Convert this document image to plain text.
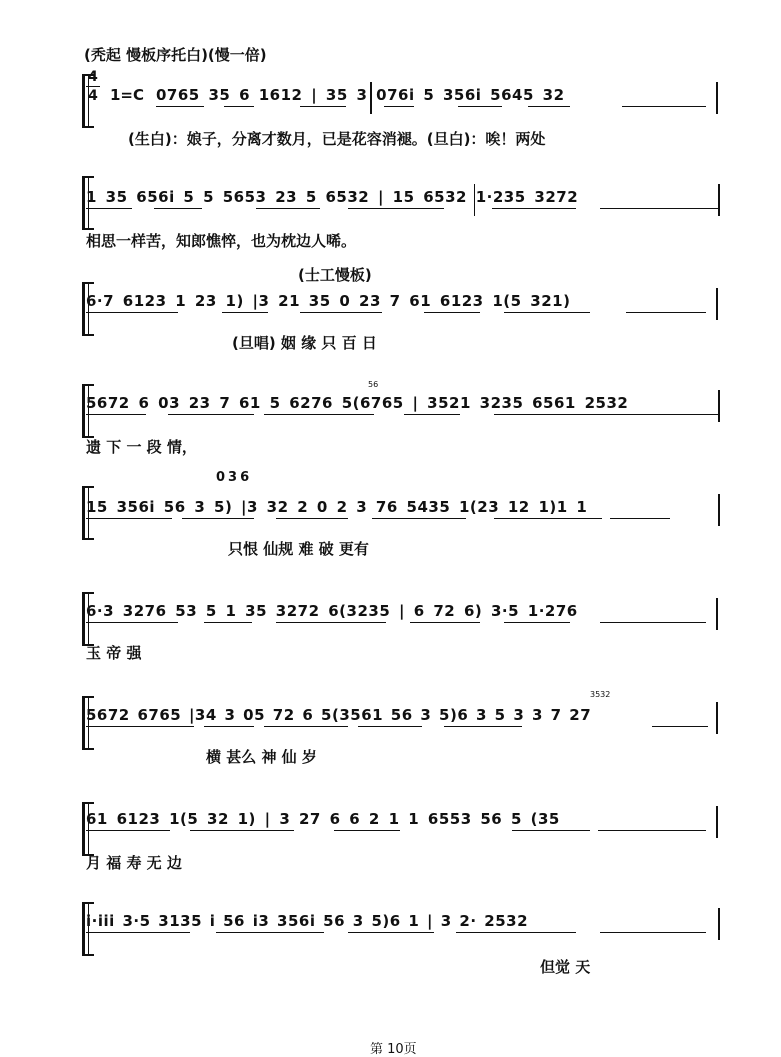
(秃起 慢板序托白)(慢一倍)
4
4 1=C 0765 35 6 1612 | 35 3 076i 5 356i 5645 32
(生白)：娘子，分离才数月，已是花容消褪。(旦白)：唉！两处
1 35 656i 5 5 5653 23 5 6532 | 15 6532 1·235 3272
相思一样苦，知郎憔悴，也为枕边人唏。
(士工慢板)
6·7 6123 1 23 1) |3 21 35 0 23 7 61 6123 1(5 321)
(旦唱) 姻 缘 只 百 日
56
5672 6 03 23 7 61 5 6276 5(6765 | 3521 3235 6561 2532
遗 下 一 段 情，
036
15 356i 56 3 5) |3 32 2 0 2 3 76 5435 1(23 12 1)1 1
只恨 仙规 难 破 更有
6·3 3276 53 5 1 35 3272 6(3235 | 6 72 6) 3·5 1·276
玉 帝 强
3532
5672 6765 |34 3 05 72 6 5(3561 56 3 5)6 3 5 3 3 7 27
横 甚么 神 仙 岁
61 6123 1(5 32 1) | 3 27 6 6 2 1 1 6553 56 5 (35
月 福 寿 无 边
i·iii 3·5 3135 i 56 i3 356i 56 3 5)6 1 | 3 2· 2532
但觉 天
第 10页
